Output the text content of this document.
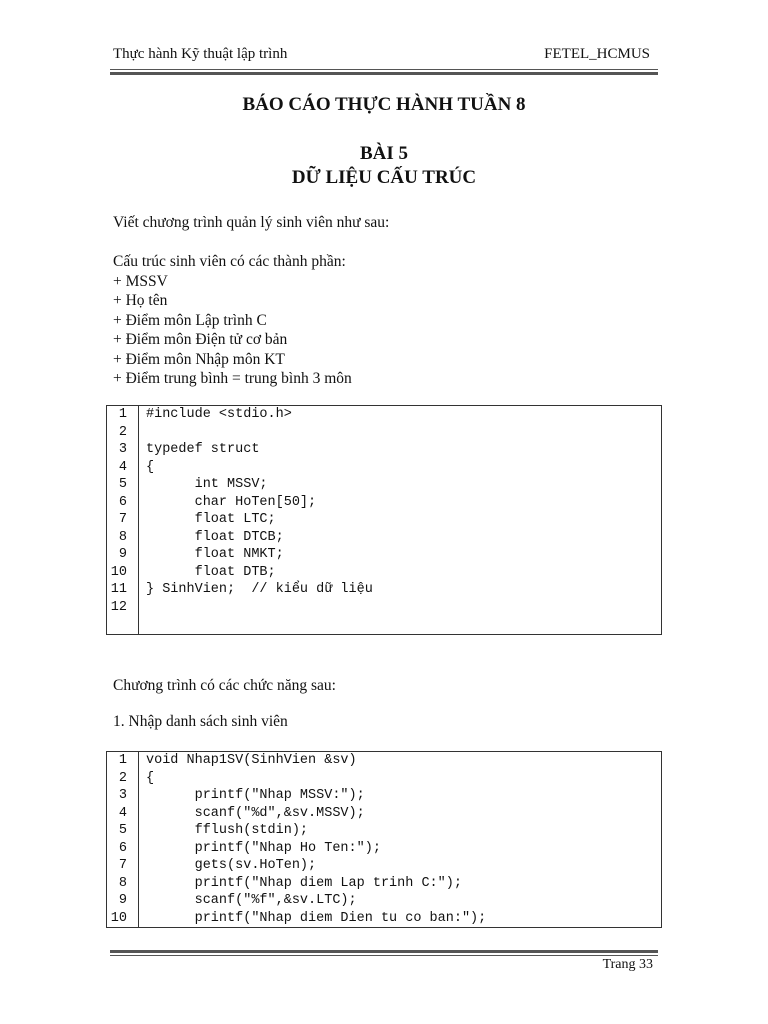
Thực hành Kỹ thuật lập trình	FETEL_HCMUS
BÁO CÁO THỰC HÀNH TUẦN 8
BÀI 5
DỮ LIỆU CẤU TRÚC
Viết chương trình quản lý sinh viên như sau:
Cấu trúc sinh viên có các thành phần:
+ MSSV
+ Họ tên
+ Điểm môn Lập trình C
+ Điểm môn Điện tử cơ bản
+ Điểm môn Nhập môn KT
+ Điểm trung bình = trung bình 3 môn
1	#include <stdio.h>
2
3	typedef struct
4	{
5	int MSSV;
6	char HoTen[50];
7	float LTC;
8	float DTCB;
9	float NMKT;
10	float DTB;
11	} SinhVien;  // kiểu dữ liệu
12
Chương trình có các chức năng sau:
1. Nhập danh sách sinh viên
1	void Nhap1SV(SinhVien &sv)
2	{
3	printf("Nhap MSSV:");
4	scanf("%d",&sv.MSSV);
5	fflush(stdin);
6	printf("Nhap Ho Ten:");
7	gets(sv.HoTen);
8	printf("Nhap diem Lap trinh C:");
9	scanf("%f",&sv.LTC);
10	printf("Nhap diem Dien tu co ban:");
Trang 33
